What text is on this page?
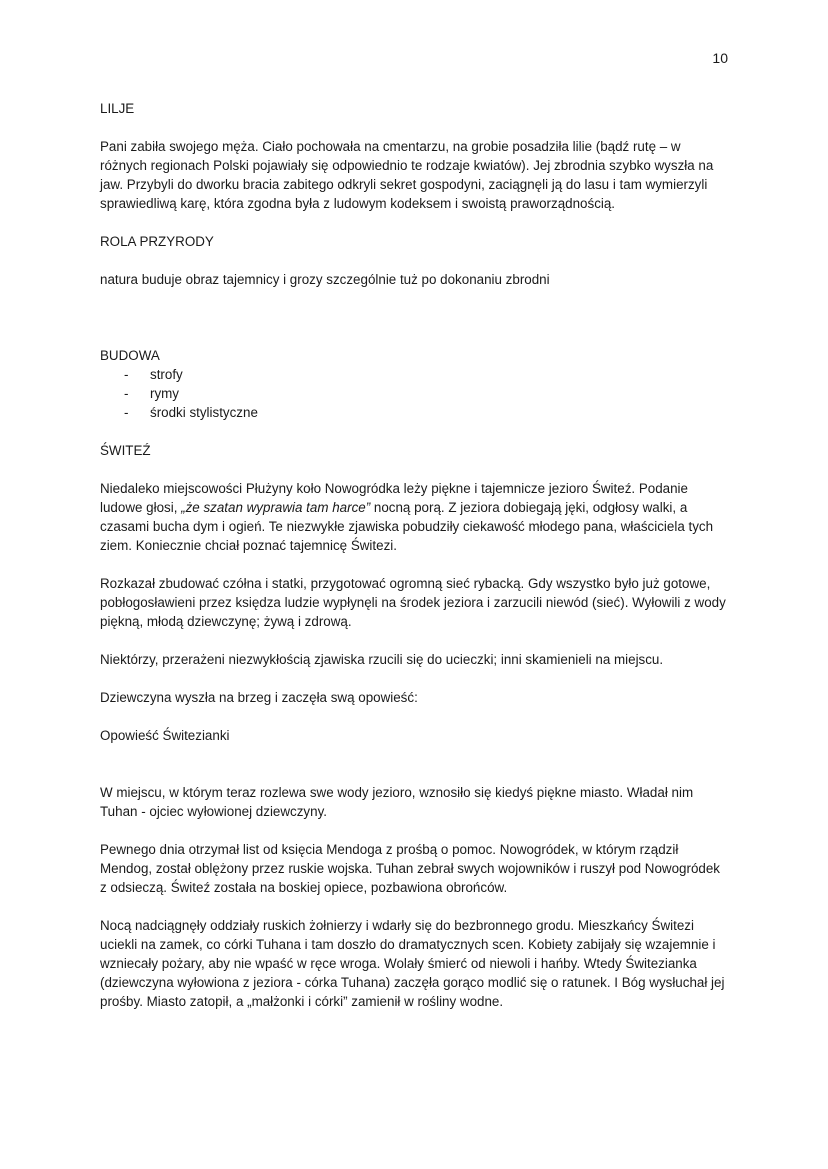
10
LILJE

Pani zabiła swojego męża. Ciało pochowała na cmentarzu, na grobie posadziła lilie (bądź rutę – w różnych regionach Polski pojawiały się odpowiednio te rodzaje kwiatów). Jej zbrodnia szybko wyszła na jaw. Przybyli do dworku bracia zabitego odkryli sekret gospodyni, zaciągnęli ją do lasu i tam wymierzyli sprawiedliwą karę, która zgodna była z ludowym kodeksem i swoistą praworządnością.

ROLA PRZYRODY

natura buduje obraz tajemnicy i grozy szczególnie tuż po dokonaniu zbrodni

BUDOWA
- strofy
- rymy
- środki stylistyczne
ŚWITEŹ

Niedaleko miejscowości Płużyny koło Nowogródka leży piękne i tajemnicze jezioro Świteź. Podanie ludowe głosi, „że szatan wyprawia tam harce” nocną porą. Z jeziora dobiegają jęki, odgłosy walki, a czasami bucha dym i ogień. Te niezwykłe zjawiska pobudziły ciekawość młodego pana, właściciela tych ziem. Koniecznie chciał poznać tajemnicę Świtezi.

Rozkazał zbudować czółna i statki, przygotować ogromną sieć rybacką. Gdy wszystko było już gotowe, pobłogosławieni przez księdza ludzie wypłynęli na środek jeziora i zarzucili niewód (sieć). Wyłowili z wody piękną, młodą dziewczynę; żywą i zdrową.

Niektórzy, przerażeni niezwykłością zjawiska rzucili się do ucieczki; inni skamienieli na miejscu.

Dziewczyna wyszła na brzeg i zaczęła swą opowieść:

Opowieść Świtezianki

W miejscu, w którym teraz rozlewa swe wody jezioro, wznosiło się kiedyś piękne miasto. Władał nim Tuhan - ojciec wyłowionej dziewczyny.

Pewnego dnia otrzymał list od księcia Mendoga z prośbą o pomoc. Nowogródek, w którym rządził Mendog, został oblężony przez ruskie wojska. Tuhan zebrał swych wojowników i ruszył pod Nowogródek z odsieczą. Świteź została na boskiej opiece, pozbawiona obrońców.

Nocą nadciągnęły oddziały ruskich żołnierzy i wdarły się do bezbronnego grodu. Mieszkańcy Świtezi uciekli na zamek, co córki Tuhana i tam doszło do dramatycznych scen. Kobiety zabijały się wzajemnie i wzniecały pożary, aby nie wpaść w ręce wroga. Wolały śmierć od niewoli i hańby. Wtedy Świtezianka (dziewczyna wyłowiona z jeziora - córka Tuhana) zaczęła gorąco modlić się o ratunek. I Bóg wysłuchał jej prośby. Miasto zatopił, a „małżonki i córki” zamienił w rośliny wodne.
